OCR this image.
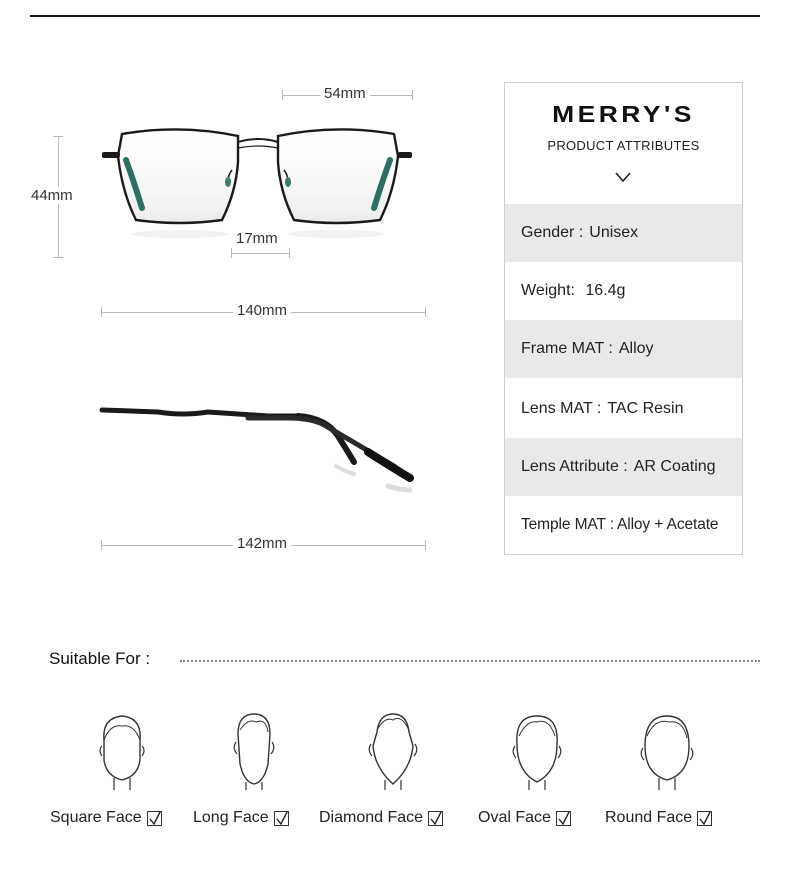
54mm
44mm
17mm
140mm
142mm
MERRY'S
PRODUCT ATTRIBUTES
Gender : Unisex
Weight: 16.4g
Frame MAT : Alloy
Lens MAT : TAC Resin
Lens Attribute : AR Coating
Temple MAT : Alloy + Acetate
Suitable For :
Square Face	Long Face	Diamond Face	Oval Face	Round Face
